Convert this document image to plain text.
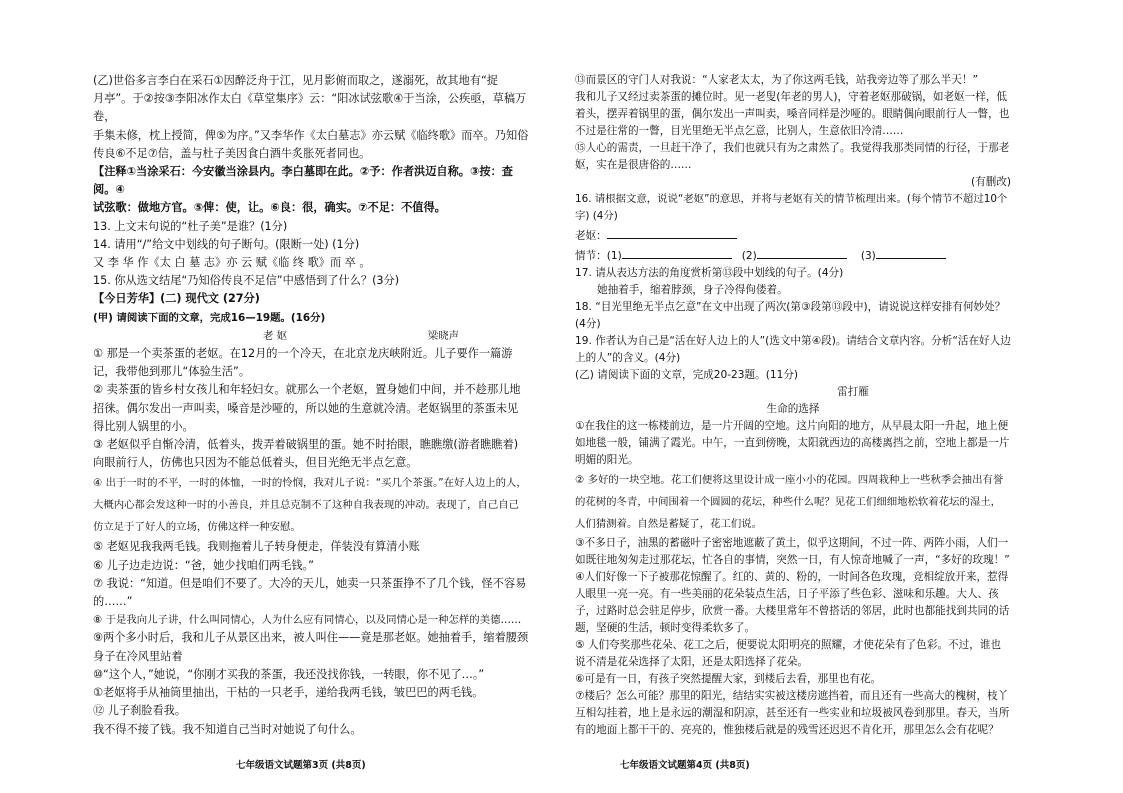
(乙)世俗多言李白在采石①因醉泛舟于江，见月影俯而取之，遂溺死，故其地有“捉

月亭”。于②按③李阳冰作太白《草堂集序》云：“阳冰试弦歌④于当涂，公疾亟，草稿万卷，

手集未修，枕上授简，俾⑤为序。”又李华作《太白墓志》亦云赋《临终歌》而卒。乃知俗

传良⑥不足⑦信，盖与杜子美因食白酒牛炙胀死者同也。

【注释①当涂采石：今安徽当涂县内。李白墓即在此。②予：作者洪迈自称。③按：查阅。④

试弦歌：做地方官。⑤俾：使，让。⑥良：很，确实。⑦不足：不值得。

13. 上文末句说的“杜子美”是谁？(1分)

14. 请用“/”给文中划线的句子断句。(限断一处) (1分)

又 李 华 作《太 白 墓 志》亦 云 赋《临 终 歌》而 卒 。

15. 你从选文结尾“乃知俗传良不足信”中感悟到了什么？(3分)

【今日芳华】(二) 现代文 (27分)

(甲) 请阅读下面的文章，完成16—19题。(16分)

老 妪	梁晓声

① 那是一个卖茶蛋的老妪。在12月的一个冷天，在北京龙庆峡附近。儿子要作一篇游记，我带他到那儿“体验生活”。

② 卖茶蛋的皆乡村女孩儿和年轻妇女。就那么一个老妪，置身她们中间，并不趁那儿地招徕。偶尔发出一声叫卖，嗓音是沙哑的，所以她的生意就冷清。老妪锅里的茶蛋未见得比别人锅里的小。

③ 老妪似乎自惭冷清，低着头，拨弄着破锅里的蛋。她不时抬眼，瞧瞧缴(游者瞧瞧着)向眼前行人，仿佛也只因为不能总低着头，但目光绝无半点乞意。

④ 出于一时的不平，一时的体恤，一时的怜悯，我对儿子说：“买几个茶蛋。”在好人边上的人，大概内心都会发这种一时的小善良，并且总克制不了这种自我表现的冲动。表现了，自己自己仿立足于了好人的立场，仿佛这样一种安慰。

⑤ 老妪见我我两毛钱。我则拖着儿子转身便走，佯装没有算清小账

⑥ 儿子边走边说：“爸，她少找咱们两毛钱。”

⑦ 我说：“知道。但是咱们不要了。大冷的天儿，她卖一只茶蛋挣不了几个钱，怪不容易的……”

⑧ 于是我向儿子讲，什么叫同情心，人为什么应有同情心，以及同情心是一种怎样的美德……

⑨两个多小时后，我和儿子从景区出来，被人叫住——竟是那老妪。她抽着手，缩着腰颈身子在冷风里站着

⑩“这个人，”她说，“你刚才买我的茶蛋，我还没找你钱，一转眼，你不见了…。”

①老妪将手从袖筒里抽出，干枯的一只老手，递给我两毛钱，皱巴巴的两毛钱。

⑫ 儿子刹脸看我。

我不得不接了钱。我不知道自己当时对她说了句什么。

⑬而景区的守门人对我说：“人家老太太，为了你这两毛钱，站我旁边等了那么半天！”

我和儿子又经过卖茶蛋的摊位时。见一老叟(年老的男人)，守着老妪那破锅，如老妪一样，低着头，摆弄着锅里的蛋，偶尔发出一声叫卖，嗓音同样是沙哑的。眼睛偶向眼前行人一瞥，也不过是往常的一瞥，目光里绝无半点乞意，比别人，生意依旧冷清……

⑮人心的需责，一旦赶干净了，我们也就只有为之肃然了。我觉得我那类同情的行径，于那老妪，实在是很唐俗的……

(有删改)

16. 请根据文意，说说“老妪”的意思，并将与老妪有关的情节梳理出来。(每个情节不超过10个字) (4分)

老妪：

情节：(1)	(2)	(3)

17. 请从表达方法的角度赏析第⑬段中划线的句子。(4分)

她抽着手，缩着脖颈，身子冷得佝偻着。

18. “目光里绝无半点乞意”在文中出现了两次(第③段第⑬段中)，请说说这样安排有何妙处？(4分)

19. 作者认为自己是“活在好人边上的人”(选文中第④段)。请结合文章内容。分析“活在好人边上的人”的含义。(4分)

(乙) 请阅读下面的文章，完成20-23题。(11分)

雷打雁

生命的选择

①在我住的这一栋楼前边，是一片开阔的空地。这片向阳的地方，从早晨太阳一升起，地上便如地毯一般，铺满了霞光。中午，一直到傍晚，太阳就西边的高楼离挡之前，空地上都是一片明媚的阳光。

② 多好的一块空地。花工们便将这里设计成一座小小的花园。四周栽种上一些秋季会抽出有誉的花树的冬青，中间围着一个圆圆的花坛，种些什么呢？见花工们细细地松软着花坛的湿土，人们猜测着。自然是蓄疑了，花工们说。

③不多日子，油黑的蓄磁叶子密密地遮蔽了黄土，似乎这期间，不过一阵、两阵小雨，人们一如既往地匆匆走过那花坛，忙各自的事情，突然一日，有人惊奇地喊了一声，“多好的玫瑰！”

④人们好像一下子被那花惊醒了。红的、黄的、粉的，一时间各色玫瑰，竞相绽放开来，惹得人眼里一亮一亮。有一些美丽的花朵装点生活，日子平添了些色彩、滋味和乐趣。大人、孩子，过路时总会驻足停步，欣赏一番。大楼里常年不曾搭话的邻居，此时也都能找到共同的话题，坚硬的生活，顿时变得柔软多了。

⑤ 人们夸奖那些花朵、花工之后，便要说太阳明亮的照耀，才使花朵有了色彩。不过，谁也说不清是花朵选择了太阳，还是太阳选择了花朵。

⑥可是有一日，有孩子突然提醒大家，到楼后去看，那里也有花。

⑦楼后？怎么可能？那里的阳光，结结实实被这楼房遮挡着，而且还有一些高大的槐树，枝丫互相勾挂着，地上是永远的潮湿和阴凉，甚至还有一些实业和垃圾被风卷到那里。春天，当所有的地面上都干干的、亮亮的，惟独楼后就是的残雪还迟迟不肯化开，那里怎么会有花呢？

七年级语文试题第3页 (共8页)	七年级语文试题第4页 (共8页)
